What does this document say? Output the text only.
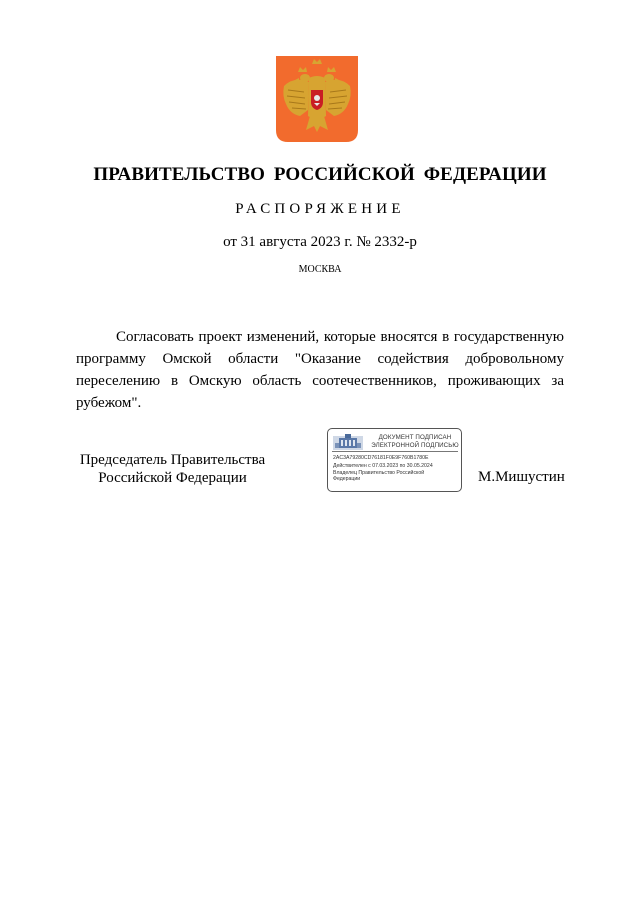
ПРАВИТЕЛЬСТВО РОССИЙСКОЙ ФЕДЕРАЦИИ
РАСПОРЯЖЕНИЕ
от 31 августа 2023 г. № 2332-р
МОСКВА
Согласовать проект изменений, которые вносятся в государственную программу Омской области "Оказание содействия добровольному переселению в Омскую область соотечественников, проживающих за рубежом".
Председатель Правительства
Российской Федерации
ДОКУМЕНТ ПОДПИСАН
ЭЛЕКТРОННОЙ ПОДПИСЬЮ
2AC3A79280CD76181F0E9F760B1780E
Действителен с 07.03.2023 по 30.05.2024
Владелец Правительство Российской
Федерации	М.Мишустин
